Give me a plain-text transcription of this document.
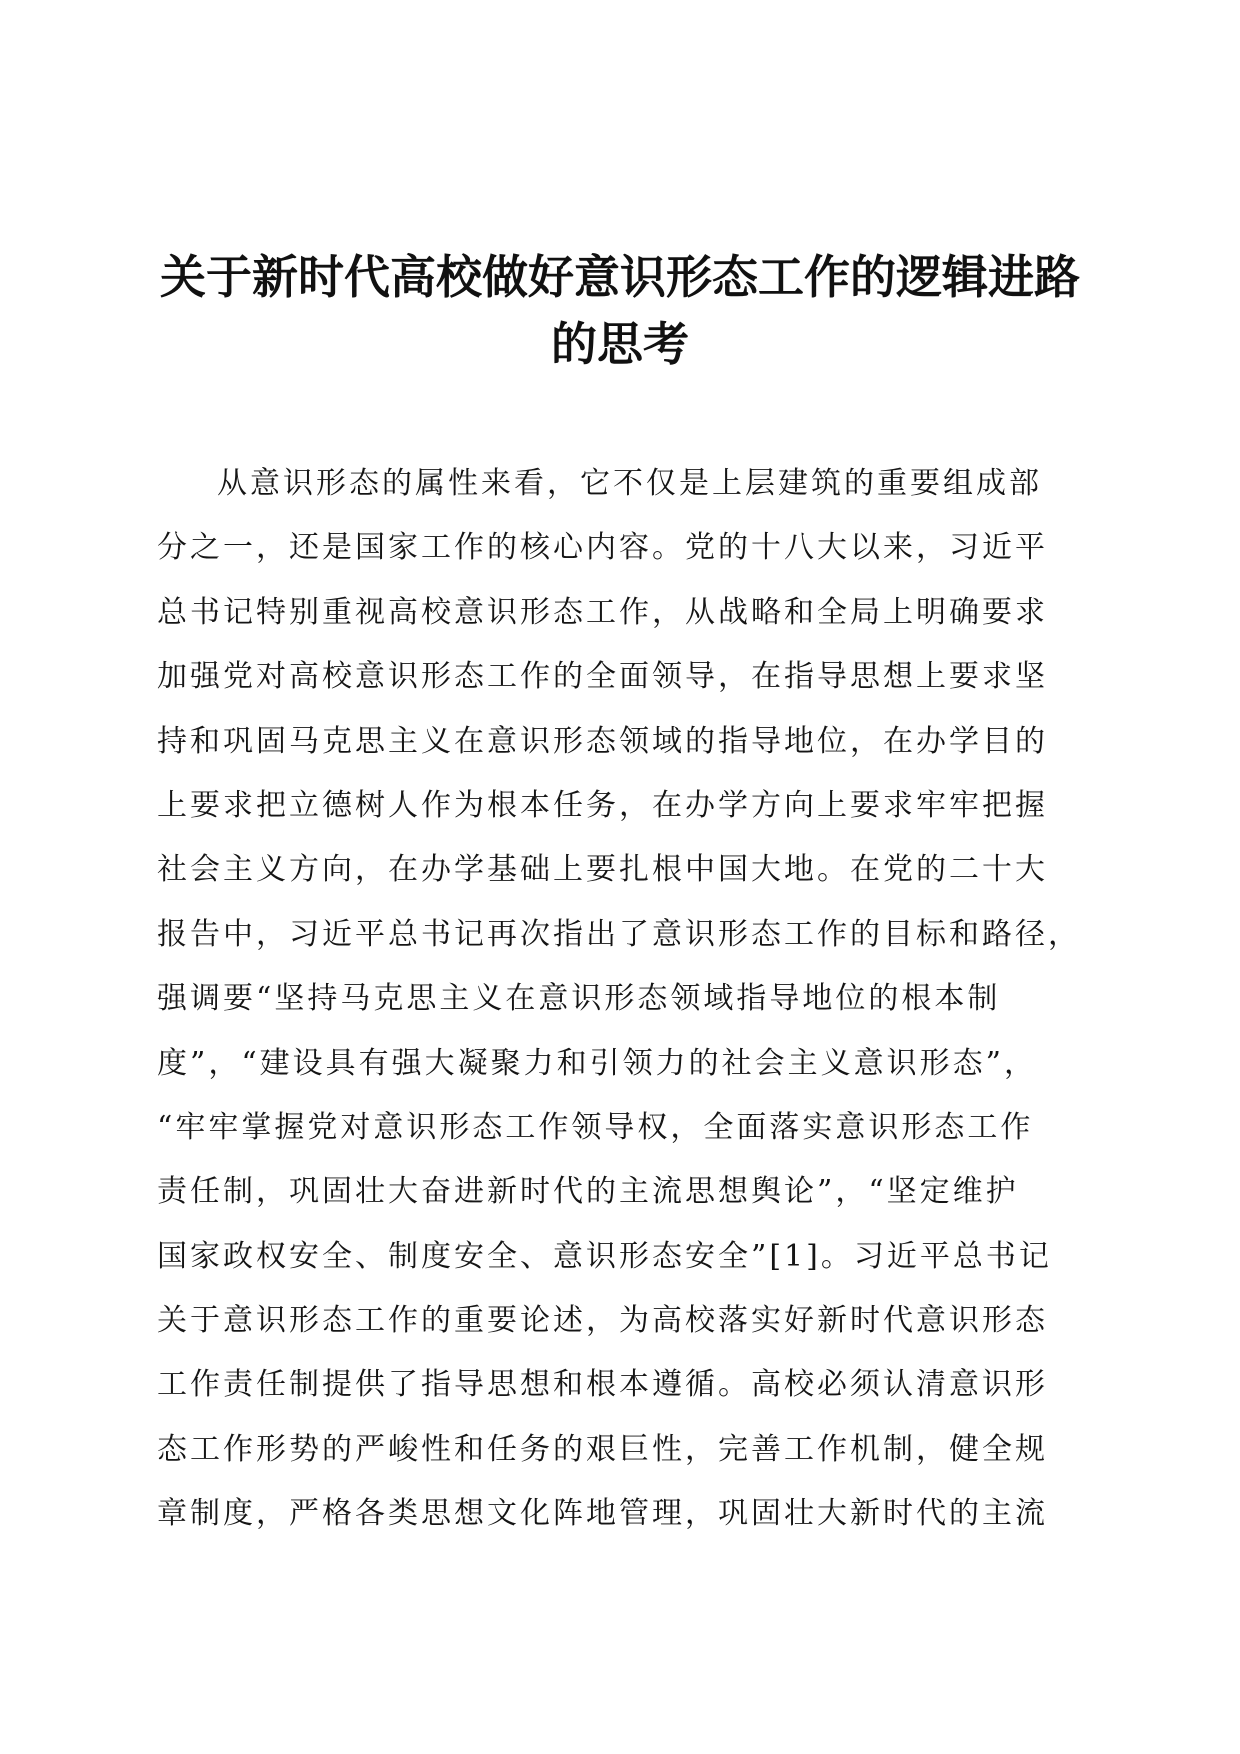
关于新时代高校做好意识形态工作的逻辑进路
的思考
从意识形态的属性来看，它不仅是上层建筑的重要组成部
分之一，还是国家工作的核心内容。党的十八大以来，习近平
总书记特别重视高校意识形态工作，从战略和全局上明确要求
加强党对高校意识形态工作的全面领导，在指导思想上要求坚
持和巩固马克思主义在意识形态领域的指导地位，在办学目的
上要求把立德树人作为根本任务，在办学方向上要求牢牢把握
社会主义方向，在办学基础上要扎根中国大地。在党的二十大
报告中，习近平总书记再次指出了意识形态工作的目标和路径，
强调要“坚持马克思主义在意识形态领域指导地位的根本制
度”，“建设具有强大凝聚力和引领力的社会主义意识形态”，
“牢牢掌握党对意识形态工作领导权，全面落实意识形态工作
责任制，巩固壮大奋进新时代的主流思想舆论”，“坚定维护
国家政权安全、制度安全、意识形态安全”[1]。习近平总书记
关于意识形态工作的重要论述，为高校落实好新时代意识形态
工作责任制提供了指导思想和根本遵循。高校必须认清意识形
态工作形势的严峻性和任务的艰巨性，完善工作机制，健全规
章制度，严格各类思想文化阵地管理，巩固壮大新时代的主流
